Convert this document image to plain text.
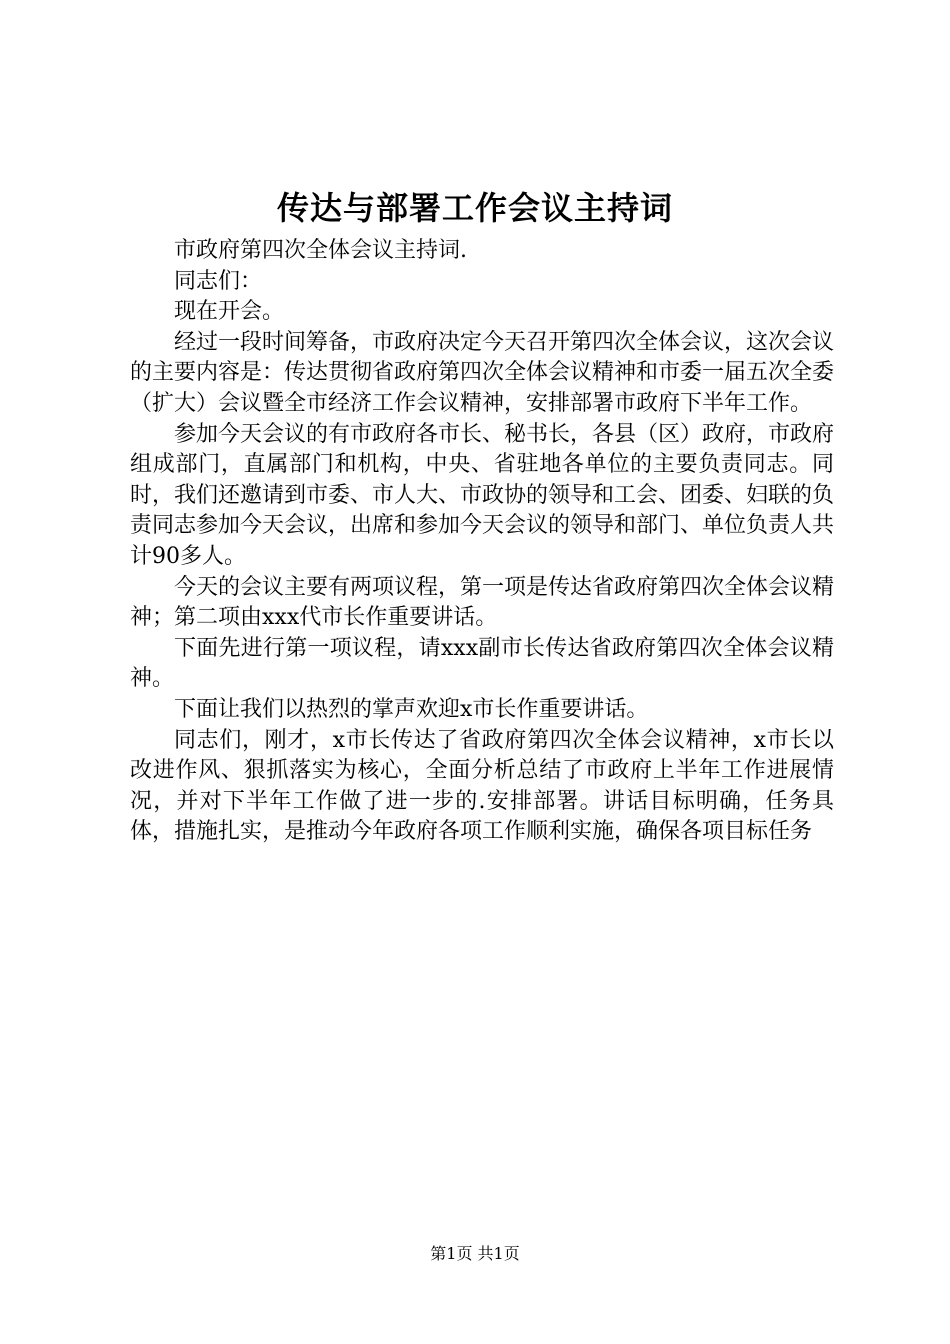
传达与部署工作会议主持词

市政府第四次全体会议主持词.

同志们：

现在开会。

经过一段时间筹备，市政府决定今天召开第四次全体会议，这次会议的主要内容是：传达贯彻省政府第四次全体会议精神和市委一届五次全委（扩大）会议暨全市经济工作会议精神，安排部署市政府下半年工作。

参加今天会议的有市政府各市长、秘书长，各县（区）政府，市政府组成部门，直属部门和机构，中央、省驻地各单位的主要负责同志。同时，我们还邀请到市委、市人大、市政协的领导和工会、团委、妇联的负责同志参加今天会议，出席和参加今天会议的领导和部门、单位负责人共计90多人。

今天的会议主要有两项议程，第一项是传达省政府第四次全体会议精神；第二项由xxx代市长作重要讲话。

下面先进行第一项议程，请xxx副市长传达省政府第四次全体会议精神。

下面让我们以热烈的掌声欢迎x市长作重要讲话。

同志们，刚才，x市长传达了省政府第四次全体会议精神，x市长以改进作风、狠抓落实为核心，全面分析总结了市政府上半年工作进展情况，并对下半年工作做了进一步的.安排部署。讲话目标明确，任务具体，措施扎实，是推动今年政府各项工作顺利实施，确保各项目标任务

第1页 共1页
